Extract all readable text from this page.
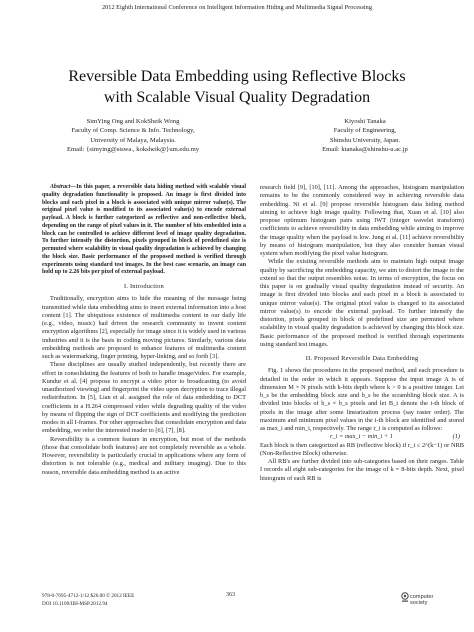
2012 Eighth International Conference on Intelligent Information Hiding and Multimedia Signal Processing
Reversible Data Embedding using Reflective Blocks
with Scalable Visual Quality Degradation
SimYing Ong and KokSheik Wong
Faculty of Comp. Science & Info. Technology,
University of Malaya, Malaysia.
Email: {simying@siswa., koksheik@}um.edu.my
Kiyoshi Tanaka
Faculty of Engineering,
Shinshu University, Japan.
Email: ktanaka@shinshu-u.ac.jp

Abstract—In this paper, a reversible data hiding method with scalable visual quality degradation functionality is proposed. An image is first divided into blocks and each pixel in a block is associated with unique mirror value(s). The original pixel value is modified to its associated value(s) to encode external payload. A block is further categorized as reflective and non-reflective block, depending on the range of pixel values in it. The number of bits embedded into a block can be controlled to achieve different level of image quality degradation. To further intensify the distortion, pixels grouped in block of predefined size is permuted where scalability in visual quality degradation is achieved by changing the block size. Basic performance of the proposed method is verified through experiments using standard test images. In the best case scenario, an image can hold up to 2.26 bits per pixel of external payload.

I. Introduction

Traditionally, encryption aims to hide the meaning of the message being transmitted while data embedding aims to insert external information into a host content [1]. The ubiquitous existence of multimedia content in our daily life (e.g., video, music) had driven the research community to invent content encryption algorithms [2], especially for image since it is widely used in various industries and it is the basis in coding moving pictures. Similarly, various data embedding methods are proposed to enhance features of multimedia content such as watermarking, finger printing, hyper-linking, and so forth [3].

These disciplines are usually studied independently, but recently there are effort in consolidating the features of both to handle image/video. For example, Kundur et al. [4] propose to encrypt a video prior to broadcasting (to avoid unauthorized viewing) and fingerprint the video upon decryption to trace illegal redistribution. In [5], Lian et al. assigned the role of data embedding to DCT coefficients in a H.264 compressed video while degrading quality of the video by means of flipping the sign of DCT coefficients and modifying the prediction modes in all I-frames. For other approaches that consolidate encryption and data embedding, we refer the interested reader to [6], [7], [8].

Reversibility is a common feature in encryption, but most of the methods (those that consolidate both features) are not completely reversible as a whole. However, reversibility is particularly crucial in applications where any form of distortion is not tolerable (e.g., medical and military imaging). Due to this reason, reversible data embedding method is an active

research field [9], [10], [11]. Among the approaches, histogram manipulation remains to be the commonly considered way in achieving reversible data embedding. Ni et al. [9] propose reversible histogram data hiding method aiming to achieve high image quality. Following that, Xuan et al. [10] also propose optimum histogram pairs using IWT (integer wavelet transform) coefficients to achieve reversibility in data embedding while aiming to improve the image quality when the payload is low. Jung et al. [11] achieve reversibility by means of histogram manipulation, but they also consider human visual system when modifying the pixel value histogram.

While the existing reversible methods aim to maintain high output image quality by sacrificing the embedding capacity, we aim to distort the image to the extend so that the output resembles noise. In terms of encryption, the focus on this paper is on gradually visual quality degradation instead of security. An image is first divided into blocks and each pixel in a block is associated to unique mirror value(s). The original pixel value is changed to its associated mirror value(s) to encode the external payload. To further intensify the distortion, pixels grouped in block of predefined size are permuted where scalability in visual quality degradation is achieved by changing this block size. Basic performance of the proposed method is verified through experiments using standard test images.

II. Proposed Reversible Data Embedding

Fig. 1 shows the procedures in the proposed method, and each procedure is detailed in the order in which it appears. Suppose the input image A is of dimension M × N pixels with k-bits depth where k > 0 is a positive integer. Let b_s be the embedding block size and b_s be the scrambling block size. A is divided into blocks of b_s × b_s pixels and let B_i denote the i-th block of pixels in the image after some linearization process (say raster order). The maximum and minimum pixel values in the i-th block are identified and stored as max_i and min_i, respectively. The range r_i is computed as follows:

r_i = max_i − min_i + 1	(1)

Each block is then categorized as RB (reflective block) if r_i ≤ 2^(k−1) or NRB (Non-Reflective Block) otherwise.

All RB's are further divided into sub-categories based on their ranges. Table I records all eight sub-categories for the image of k = 8-bits depth. Next, pixel histogram of each RB is

978-0-7695-4712-1/12 $26.00 © 2012 IEEE
DOI 10.1109/IIH-MSP.2012.94
363	computer
society
